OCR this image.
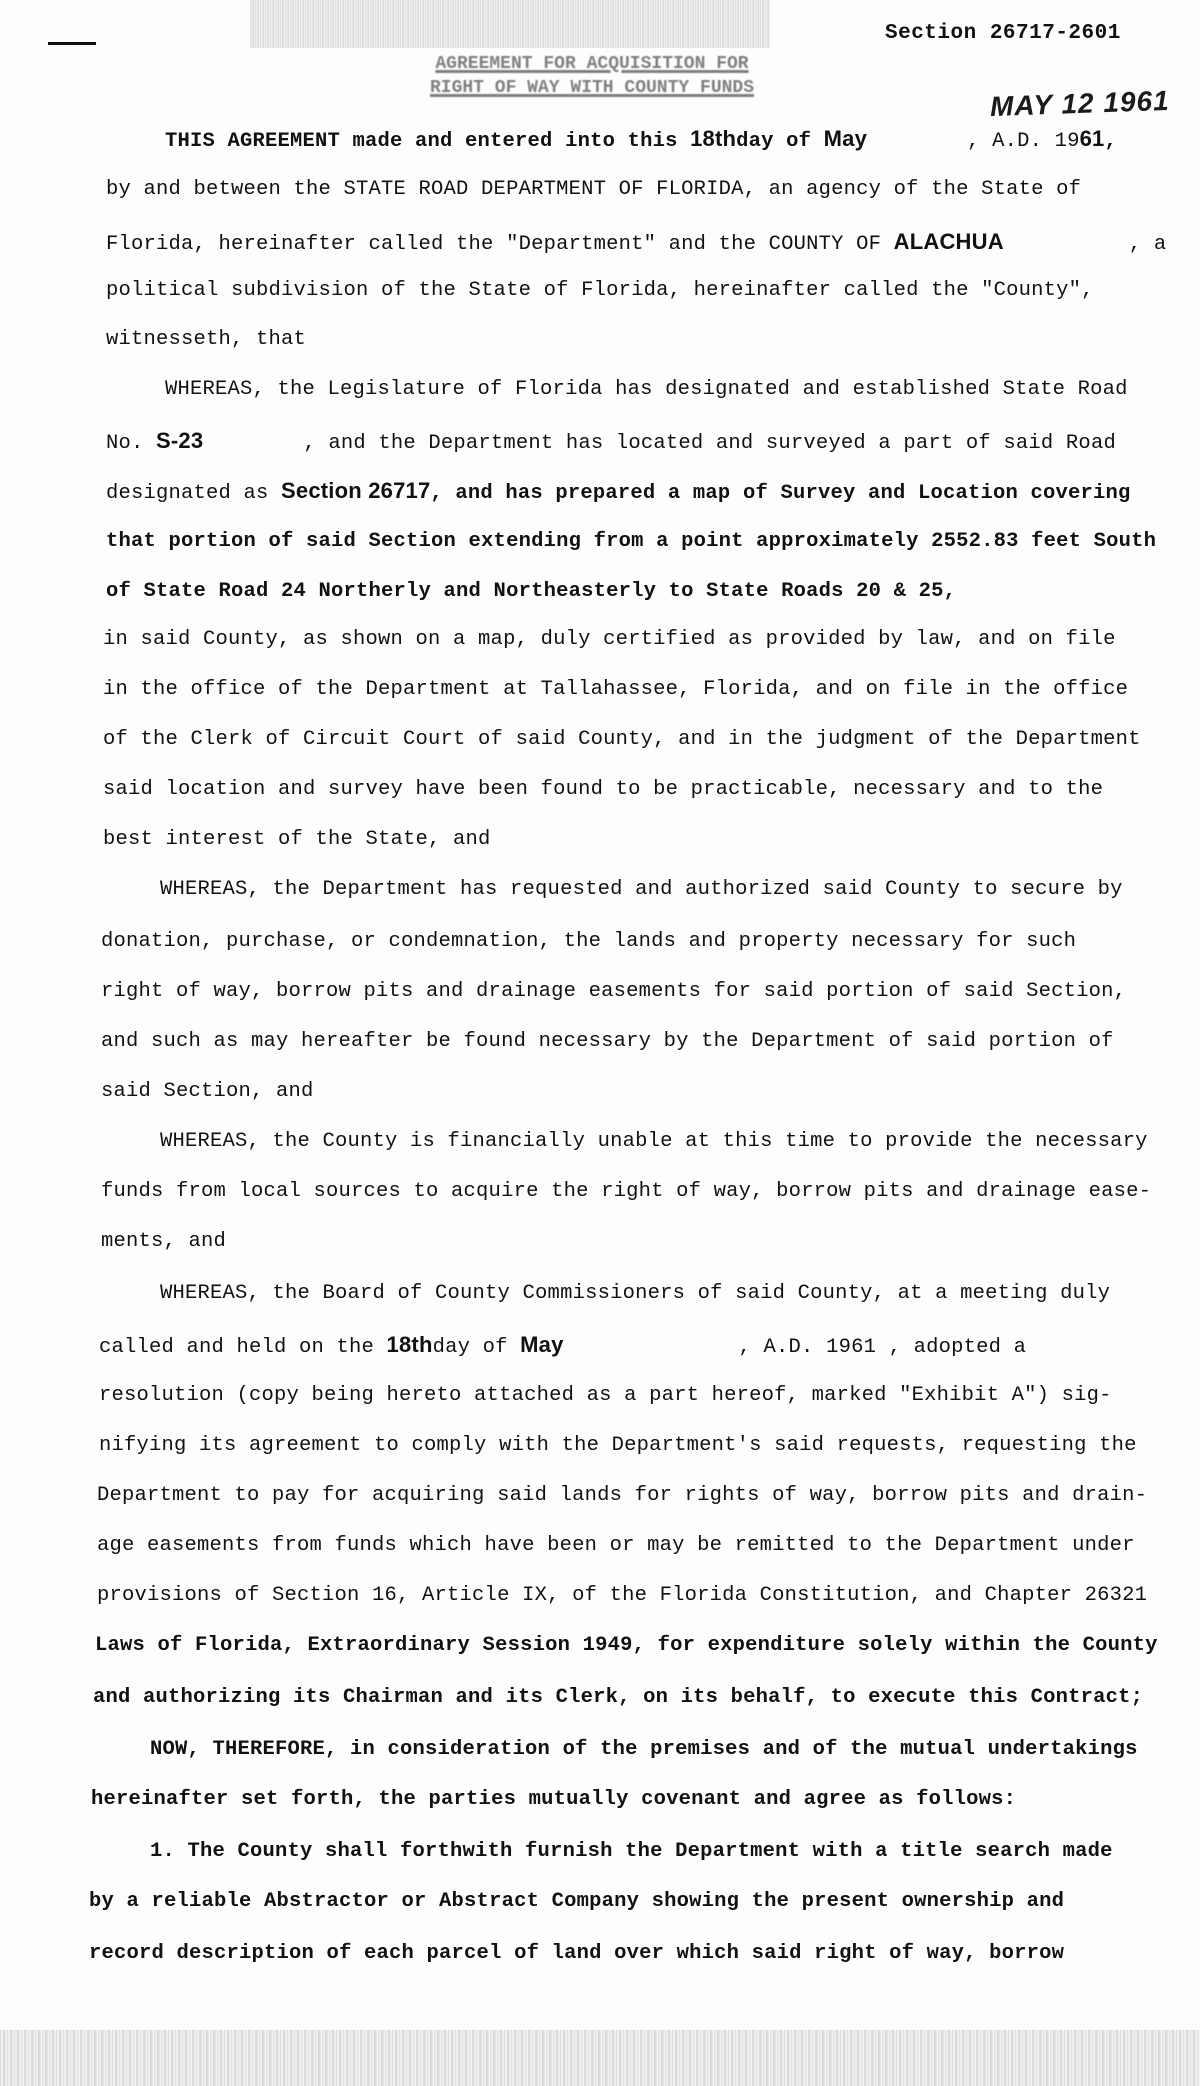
Section 26717-2601
AGREEMENT FOR ACQUISITION FOR
RIGHT OF WAY WITH COUNTY FUNDS	MAY 12 1961
THIS AGREEMENT made and entered into this 18thday of May        , A.D. 1961,
by and between the STATE ROAD DEPARTMENT OF FLORIDA, an agency of the State of
Florida, hereinafter called the "Department" and the COUNTY OF ALACHUA          , a
political subdivision of the State of Florida, hereinafter called the "County",
witnesseth, that
WHEREAS, the Legislature of Florida has designated and established State Road
No. S-23        , and the Department has located and surveyed a part of said Road
designated as Section 26717, and has prepared a map of Survey and Location covering
that portion of said Section extending from a point approximately 2552.83 feet South
of State Road 24 Northerly and Northeasterly to State Roads 20 & 25,
in said County, as shown on a map, duly certified as provided by law, and on file
in the office of the Department at Tallahassee, Florida, and on file in the office
of the Clerk of Circuit Court of said County, and in the judgment of the Department
said location and survey have been found to be practicable, necessary and to the
best interest of the State, and
WHEREAS, the Department has requested and authorized said County to secure by
donation, purchase, or condemnation, the lands and property necessary for such
right of way, borrow pits and drainage easements for said portion of said Section,
and such as may hereafter be found necessary by the Department of said portion of
said Section, and
WHEREAS, the County is financially unable at this time to provide the necessary
funds from local sources to acquire the right of way, borrow pits and drainage ease-
ments, and
WHEREAS, the Board of County Commissioners of said County, at a meeting duly
called and held on the 18thday of May              , A.D. 1961 , adopted a
resolution (copy being hereto attached as a part hereof, marked "Exhibit A") sig-
nifying its agreement to comply with the Department's said requests, requesting the
Department to pay for acquiring said lands for rights of way, borrow pits and drain-
age easements from funds which have been or may be remitted to the Department under
provisions of Section 16, Article IX, of the Florida Constitution, and Chapter 26321
Laws of Florida, Extraordinary Session 1949, for expenditure solely within the County
and authorizing its Chairman and its Clerk, on its behalf, to execute this Contract;
NOW, THEREFORE, in consideration of the premises and of the mutual undertakings
hereinafter set forth, the parties mutually covenant and agree as follows:
1. The County shall forthwith furnish the Department with a title search made
by a reliable Abstractor or Abstract Company showing the present ownership and
record description of each parcel of land over which said right of way, borrow
